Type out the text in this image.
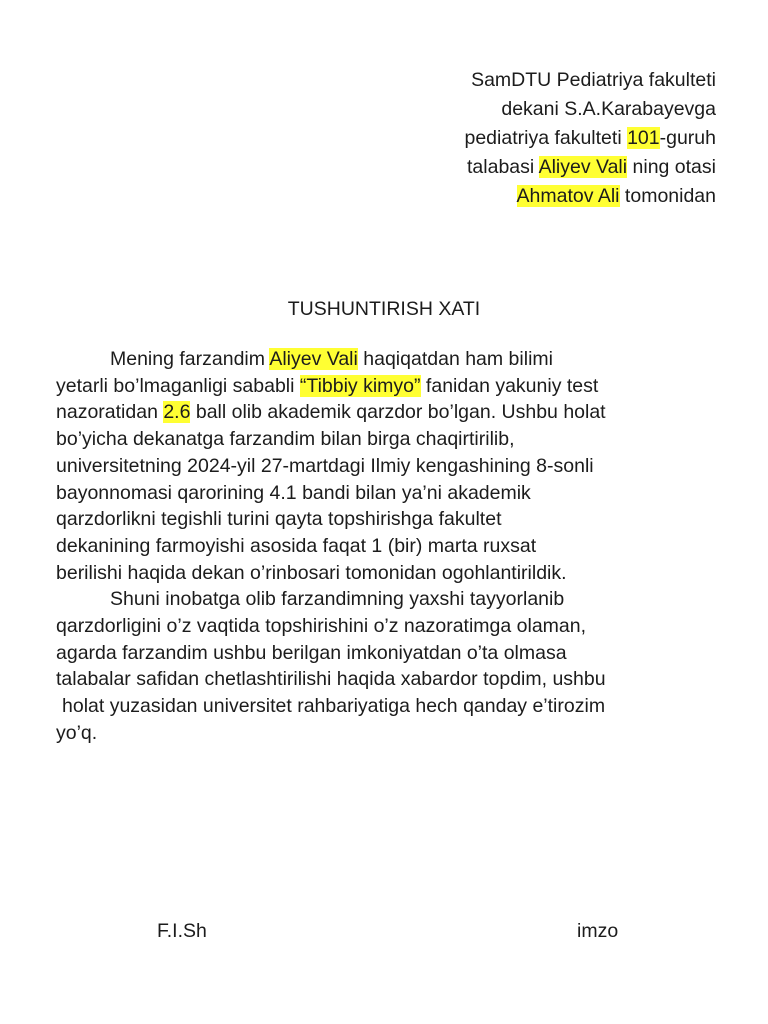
SamDTU Pediatriya fakulteti
dekani S.A.Karabayevga
pediatriya fakulteti 101-guruh
talabasi Aliyev Vali ning otasi
Ahmatov Ali tomonidan
TUSHUNTIRISH XATI
Mening farzandim Aliyev Vali haqiqatdan ham bilimi
yetarli bo’lmaganligi sababli “Tibbiy kimyo” fanidan yakuniy test
nazoratidan 2.6 ball olib akademik qarzdor bo’lgan. Ushbu holat
bo’yicha dekanatga farzandim bilan birga chaqirtirilib,
universitetning 2024-yil 27-martdagi Ilmiy kengashining 8-sonli
bayonnomasi qarorining 4.1 bandi bilan ya’ni akademik
qarzdorlikni tegishli turini qayta topshirishga fakultet
dekanining farmoyishi asosida faqat 1 (bir) marta ruxsat
berilishi haqida dekan o’rinbosari tomonidan ogohlantirildik.
Shuni inobatga olib farzandimning yaxshi tayyorlanib
qarzdorligini o’z vaqtida topshirishini o’z nazoratimga olaman,
agarda farzandim ushbu berilgan imkoniyatdan o’ta olmasa
talabalar safidan chetlashtirilishi haqida xabardor topdim, ushbu
holat yuzasidan universitet rahbariyatiga hech qanday e’tirozim
yo’q.
F.I.Sh	imzo
